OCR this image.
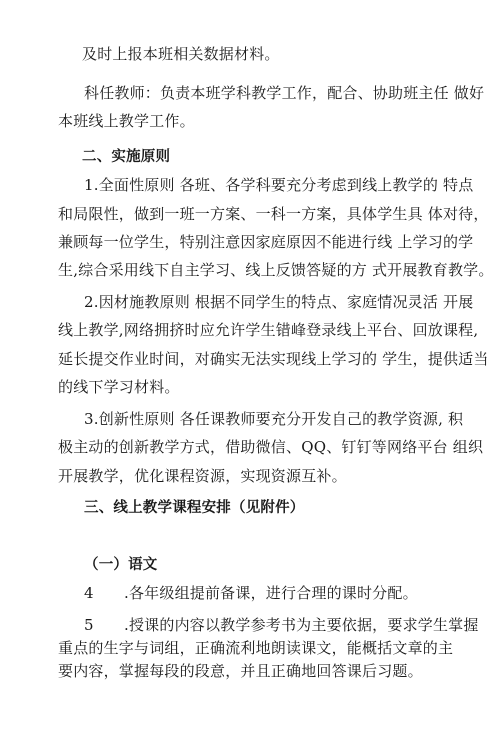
及时上报本班相关数据材料。
科任教师：负责本班学科教学工作，配合、协助班主任 做好
本班线上教学工作。
二、实施原则
1.全面性原则 各班、各学科要充分考虑到线上教学的 特点
和局限性，做到一班一方案、一科一方案，具体学生具 体对待，
兼顾每一位学生，特别注意因家庭原因不能进行线 上学习的学
生,综合采用线下自主学习、线上反馈答疑的方 式开展教育教学。
2.因材施教原则 根据不同学生的特点、家庭情况灵活 开展
线上教学,网络拥挤时应允许学生错峰登录线上平台、回放课程,
延长提交作业时间，对确实无法实现线上学习的 学生，提供适当
的线下学习材料。
3.创新性原则 各任课教师要充分开发自己的教学资源, 积
极主动的创新教学方式，借助微信、QQ、钉钉等网络平台 组织
开展教学，优化课程资源，实现资源互补。
三、线上教学课程安排（见附件）
（一）语文
4 .各年级组提前备课，进行合理的课时分配。
5 .授课的内容以教学参考书为主要依据，要求学生掌握
重点的生字与词组，正确流利地朗读课文，能概括文章的主
要内容，掌握每段的段意，并且正确地回答课后习题。
